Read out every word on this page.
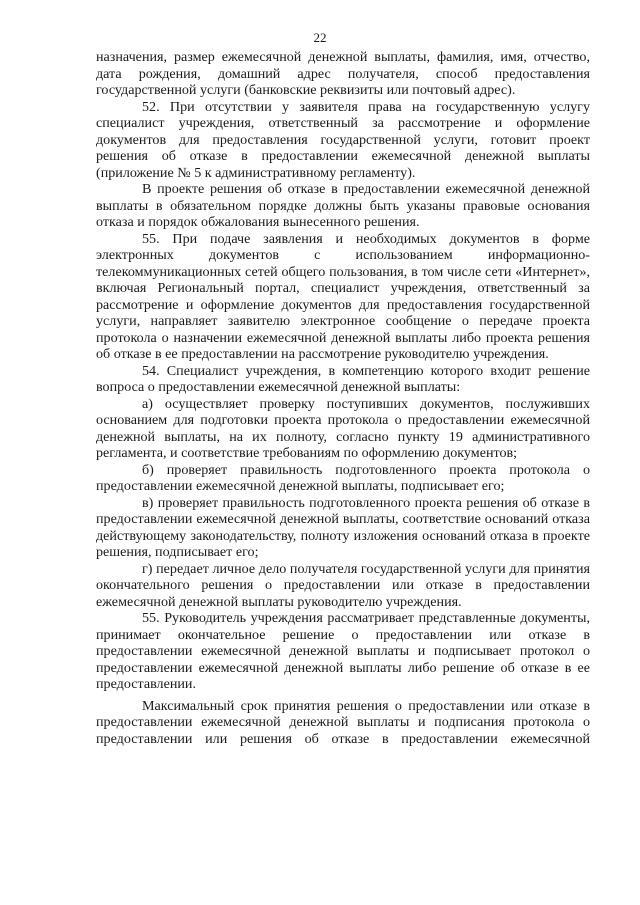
22

назначения, размер ежемесячной денежной выплаты, фамилия, имя, отчество, дата рождения, домашний адрес получателя, способ предоставления государственной услуги (банковские реквизиты или почтовый адрес).

52. При отсутствии у заявителя права на государственную услугу специалист учреждения, ответственный за рассмотрение и оформление документов для предоставления государственной услуги, готовит проект решения об отказе в предоставлении ежемесячной денежной выплаты (приложение № 5 к административному регламенту).

В проекте решения об отказе в предоставлении ежемесячной денежной выплаты в обязательном порядке должны быть указаны правовые основания отказа и порядок обжалования вынесенного решения.

55. При подаче заявления и необходимых документов в форме электронных документов с использованием информационно-телекоммуникационных сетей общего пользования, в том числе сети «Интернет», включая Региональный портал, специалист учреждения, ответственный за рассмотрение и оформление документов для предоставления государственной услуги, направляет заявителю электронное сообщение о передаче проекта протокола о назначении ежемесячной денежной выплаты либо проекта решения об отказе в ее предоставлении на рассмотрение руководителю учреждения.

54. Специалист учреждения, в компетенцию которого входит решение вопроса о предоставлении ежемесячной денежной выплаты:

а) осуществляет проверку поступивших документов, послуживших основанием для подготовки проекта протокола о предоставлении ежемесячной денежной выплаты, на их полноту, согласно пункту 19 административного регламента, и соответствие требованиям по оформлению документов;

б) проверяет правильность подготовленного проекта протокола о предоставлении ежемесячной денежной выплаты, подписывает его;

в) проверяет правильность подготовленного проекта решения об отказе в предоставлении ежемесячной денежной выплаты, соответствие оснований отказа действующему законодательству, полноту изложения оснований отказа в проекте решения, подписывает его;

г) передает личное дело получателя государственной услуги для принятия окончательного решения о предоставлении или отказе в предоставлении ежемесячной денежной выплаты руководителю учреждения.

55. Руководитель учреждения рассматривает представленные документы, принимает окончательное решение о предоставлении или отказе в предоставлении ежемесячной денежной выплаты и подписывает протокол о предоставлении ежемесячной денежной выплаты либо решение об отказе в ее предоставлении.

Максимальный срок принятия решения о предоставлении или отказе в предоставлении ежемесячной денежной выплаты и подписания протокола о предоставлении или решения об отказе в предоставлении ежемесячной
